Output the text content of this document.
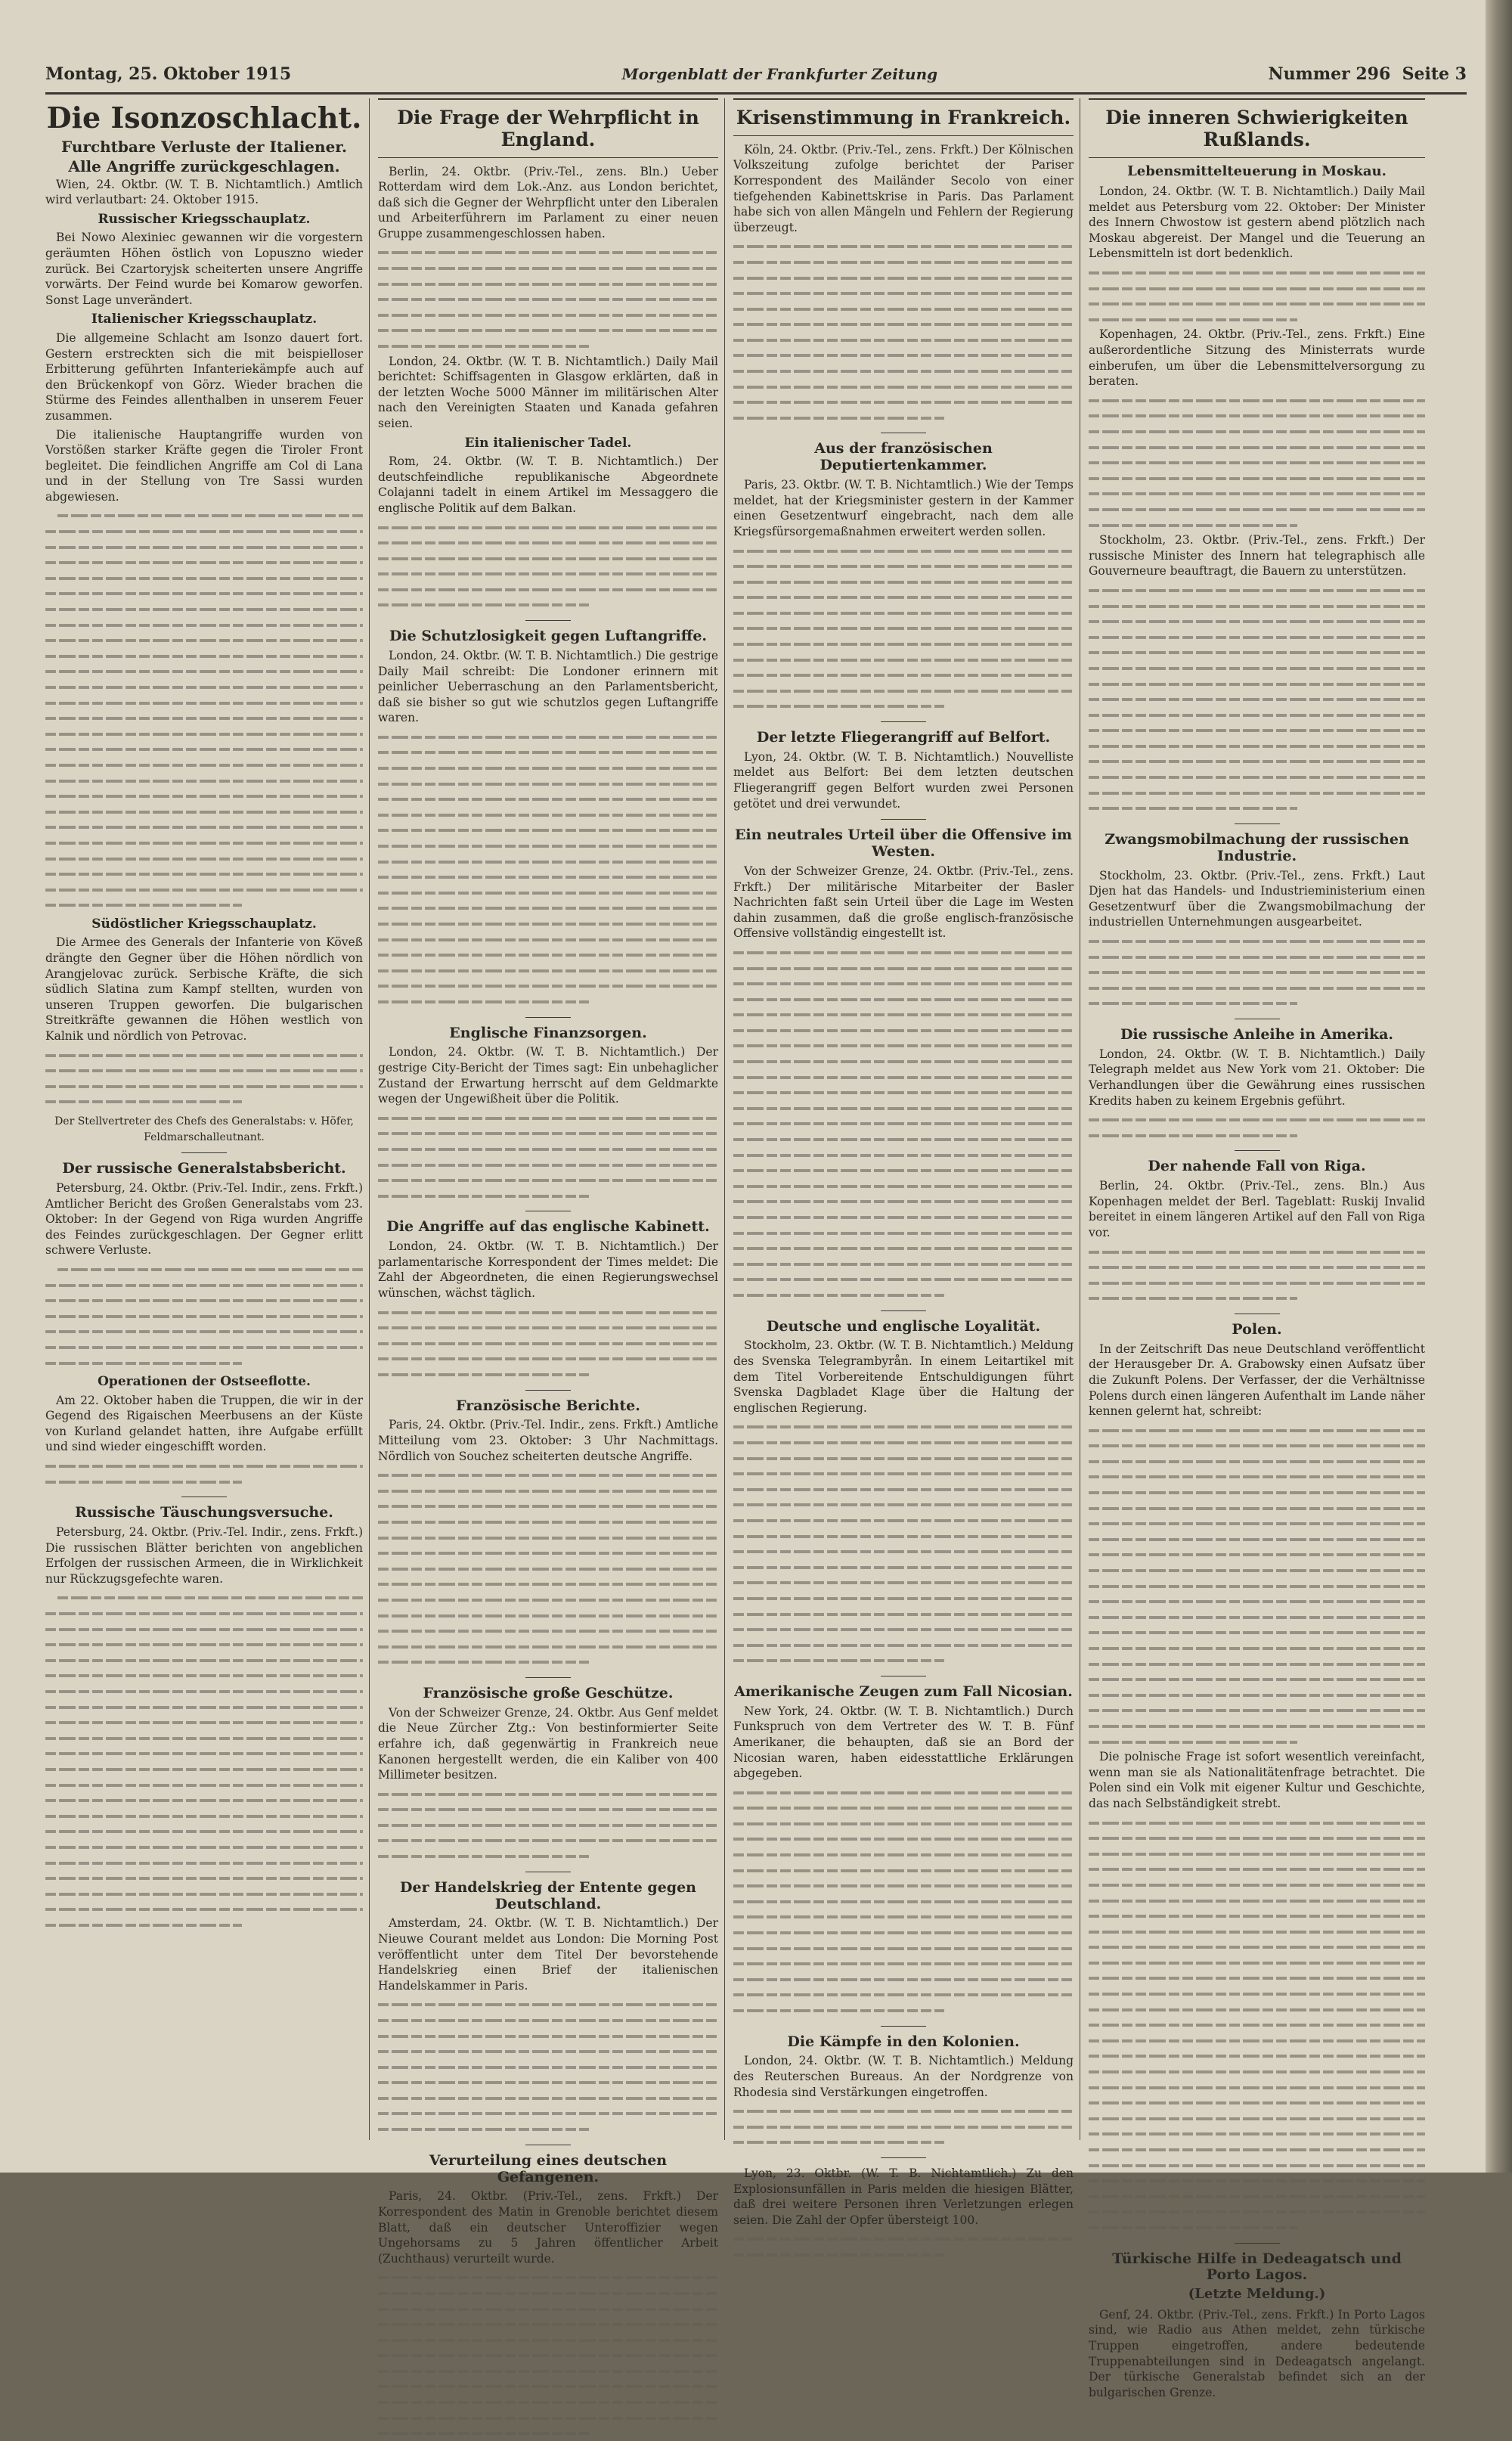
Montag, 25. Oktober 1915	Morgenblatt der Frankfurter Zeitung	Nummer 296 Seite 3
Die Isonzoschlacht.
Furchtbare Verluste der Italiener.
Alle Angriffe zurückgeschlagen.

Wien, 24. Oktbr. (W. T. B. Nichtamtlich.) Amtlich wird verlautbart: 24. Oktober 1915.

Russischer Kriegsschauplatz.

Bei Nowo Alexiniec gewannen wir die vorgestern geräumten Höhen östlich von Lopuszno wieder zurück. Bei Czartoryjsk scheiterten unsere Angriffe vorwärts. Der Feind wurde bei Komarow geworfen. Sonst Lage unverändert.

Italienischer Kriegsschauplatz.

Die allgemeine Schlacht am Isonzo dauert fort. Gestern erstreckten sich die mit beispielloser Erbitterung geführten Infanteriekämpfe auch auf den Brückenkopf von Görz. Wieder brachen die Stürme des Feindes allenthalben in unserem Feuer zusammen.

Die italienische Hauptangriffe wurden von Vorstößen starker Kräfte gegen die Tiroler Front begleitet. Die feindlichen Angriffe am Col di Lana und in der Stellung von Tre Sassi wurden abgewiesen.

Südöstlicher Kriegsschauplatz.

Die Armee des Generals der Infanterie von Köveß drängte den Gegner über die Höhen nördlich von Arangjelovac zurück. Serbische Kräfte, die sich südlich Slatina zum Kampf stellten, wurden von unseren Truppen geworfen. Die bulgarischen Streitkräfte gewannen die Höhen westlich von Kalnik und nördlich von Petrovac.

Der Stellvertreter des Chefs des Generalstabs: v. Höfer, Feldmarschalleutnant.
Der russische Generalstabsbericht.

Petersburg, 24. Oktbr. (Priv.-Tel. Indir., zens. Frkft.) Amtlicher Bericht des Großen Generalstabs vom 23. Oktober: In der Gegend von Riga wurden Angriffe des Feindes zurückgeschlagen. Der Gegner erlitt schwere Verluste.

Operationen der Ostseeflotte.

Am 22. Oktober haben die Truppen, die wir in der Gegend des Rigaischen Meerbusens an der Küste von Kurland gelandet hatten, ihre Aufgabe erfüllt und sind wieder eingeschifft worden.

Russische Täuschungsversuche.

Petersburg, 24. Oktbr. (Priv.-Tel. Indir., zens. Frkft.) Die russischen Blätter berichten von angeblichen Erfolgen der russischen Armeen, die in Wirklichkeit nur Rückzugsgefechte waren.

Die Frage der Wehrpflicht in England.

Berlin, 24. Oktbr. (Priv.-Tel., zens. Bln.) Ueber Rotterdam wird dem Lok.-Anz. aus London berichtet, daß sich die Gegner der Wehrpflicht unter den Liberalen und Arbeiterführern im Parlament zu einer neuen Gruppe zusammengeschlossen haben.

London, 24. Oktbr. (W. T. B. Nichtamtlich.) Daily Mail berichtet: Schiffsagenten in Glasgow erklärten, daß in der letzten Woche 5000 Männer im militärischen Alter nach den Vereinigten Staaten und Kanada gefahren seien.

Ein italienischer Tadel.

Rom, 24. Oktbr. (W. T. B. Nichtamtlich.) Der deutschfeindliche republikanische Abgeordnete Colajanni tadelt in einem Artikel im Messaggero die englische Politik auf dem Balkan.

Die Schutzlosigkeit gegen Luftangriffe.

London, 24. Oktbr. (W. T. B. Nichtamtlich.) Die gestrige Daily Mail schreibt: Die Londoner erinnern mit peinlicher Ueberraschung an den Parlamentsbericht, daß sie bisher so gut wie schutzlos gegen Luftangriffe waren.

Englische Finanzsorgen.

London, 24. Oktbr. (W. T. B. Nichtamtlich.) Der gestrige City-Bericht der Times sagt: Ein unbehaglicher Zustand der Erwartung herrscht auf dem Geldmarkte wegen der Ungewißheit über die Politik.

Die Angriffe auf das englische Kabinett.

London, 24. Oktbr. (W. T. B. Nichtamtlich.) Der parlamentarische Korrespondent der Times meldet: Die Zahl der Abgeordneten, die einen Regierungswechsel wünschen, wächst täglich.

Französische Berichte.

Paris, 24. Oktbr. (Priv.-Tel. Indir., zens. Frkft.) Amtliche Mitteilung vom 23. Oktober: 3 Uhr Nachmittags. Nördlich von Souchez scheiterten deutsche Angriffe.

Französische große Geschütze.

Von der Schweizer Grenze, 24. Oktbr. Aus Genf meldet die Neue Zürcher Ztg.: Von bestinformierter Seite erfahre ich, daß gegenwärtig in Frankreich neue Kanonen hergestellt werden, die ein Kaliber von 400 Millimeter besitzen.

Der Handelskrieg der Entente gegen Deutschland.

Amsterdam, 24. Oktbr. (W. T. B. Nichtamtlich.) Der Nieuwe Courant meldet aus London: Die Morning Post veröffentlicht unter dem Titel Der bevorstehende Handelskrieg einen Brief der italienischen Handelskammer in Paris.

Verurteilung eines deutschen Gefangenen.

Paris, 24. Oktbr. (Priv.-Tel., zens. Frkft.) Der Korrespondent des Matin in Grenoble berichtet diesem Blatt, daß ein deutscher Unteroffizier wegen Ungehorsams zu 5 Jahren öffentlicher Arbeit (Zuchthaus) verurteilt wurde.

Krisenstimmung in Frankreich.

Köln, 24. Oktbr. (Priv.-Tel., zens. Frkft.) Der Kölnischen Volkszeitung zufolge berichtet der Pariser Korrespondent des Mailänder Secolo von einer tiefgehenden Kabinettskrise in Paris. Das Parlament habe sich von allen Mängeln und Fehlern der Regierung überzeugt.

Aus der französischen Deputiertenkammer.

Paris, 23. Oktbr. (W. T. B. Nichtamtlich.) Wie der Temps meldet, hat der Kriegsminister gestern in der Kammer einen Gesetzentwurf eingebracht, nach dem alle Kriegsfürsorgemaßnahmen erweitert werden sollen.

Der letzte Fliegerangriff auf Belfort.

Lyon, 24. Oktbr. (W. T. B. Nichtamtlich.) Nouvelliste meldet aus Belfort: Bei dem letzten deutschen Fliegerangriff gegen Belfort wurden zwei Personen getötet und drei verwundet.

Ein neutrales Urteil über die Offensive im Westen.

Von der Schweizer Grenze, 24. Oktbr. (Priv.-Tel., zens. Frkft.) Der militärische Mitarbeiter der Basler Nachrichten faßt sein Urteil über die Lage im Westen dahin zusammen, daß die große englisch-französische Offensive vollständig eingestellt ist.

Deutsche und englische Loyalität.

Stockholm, 23. Oktbr. (W. T. B. Nichtamtlich.) Meldung des Svenska Telegrambyrån. In einem Leitartikel mit dem Titel Vorbereitende Entschuldigungen führt Svenska Dagbladet Klage über die Haltung der englischen Regierung.

Amerikanische Zeugen zum Fall Nicosian.

New York, 24. Oktbr. (W. T. B. Nichtamtlich.) Durch Funkspruch von dem Vertreter des W. T. B. Fünf Amerikaner, die behaupten, daß sie an Bord der Nicosian waren, haben eidesstattliche Erklärungen abgegeben.

Die Kämpfe in den Kolonien.

London, 24. Oktbr. (W. T. B. Nichtamtlich.) Meldung des Reuterschen Bureaus. An der Nordgrenze von Rhodesia sind Verstärkungen eingetroffen.

Lyon, 23. Oktbr. (W. T. B. Nichtamtlich.) Zu den Explosionsunfällen in Paris melden die hiesigen Blätter, daß drei weitere Personen ihren Verletzungen erlegen seien. Die Zahl der Opfer übersteigt 100.

Die inneren Schwierigkeiten Rußlands.
Lebensmittelteuerung in Moskau.

London, 24. Oktbr. (W. T. B. Nichtamtlich.) Daily Mail meldet aus Petersburg vom 22. Oktober: Der Minister des Innern Chwostow ist gestern abend plötzlich nach Moskau abgereist. Der Mangel und die Teuerung an Lebensmitteln ist dort bedenklich.

Kopenhagen, 24. Oktbr. (Priv.-Tel., zens. Frkft.) Eine außerordentliche Sitzung des Ministerrats wurde einberufen, um über die Lebensmittelversorgung zu beraten.

Stockholm, 23. Oktbr. (Priv.-Tel., zens. Frkft.) Der russische Minister des Innern hat telegraphisch alle Gouverneure beauftragt, die Bauern zu unterstützen.

Zwangsmobilmachung der russischen Industrie.

Stockholm, 23. Oktbr. (Priv.-Tel., zens. Frkft.) Laut Djen hat das Handels- und Industrieministerium einen Gesetzentwurf über die Zwangsmobilmachung der industriellen Unternehmungen ausgearbeitet.

Die russische Anleihe in Amerika.

London, 24. Oktbr. (W. T. B. Nichtamtlich.) Daily Telegraph meldet aus New York vom 21. Oktober: Die Verhandlungen über die Gewährung eines russischen Kredits haben zu keinem Ergebnis geführt.

Der nahende Fall von Riga.

Berlin, 24. Oktbr. (Priv.-Tel., zens. Bln.) Aus Kopenhagen meldet der Berl. Tageblatt: Ruskij Invalid bereitet in einem längeren Artikel auf den Fall von Riga vor.

Polen.

In der Zeitschrift Das neue Deutschland veröffentlicht der Herausgeber Dr. A. Grabowsky einen Aufsatz über die Zukunft Polens. Der Verfasser, der die Verhältnisse Polens durch einen längeren Aufenthalt im Lande näher kennen gelernt hat, schreibt:

Die polnische Frage ist sofort wesentlich vereinfacht, wenn man sie als Nationalitätenfrage betrachtet. Die Polen sind ein Volk mit eigener Kultur und Geschichte, das nach Selbständigkeit strebt.

Türkische Hilfe in Dedeagatsch und Porto Lagos.
(Letzte Meldung.)

Genf, 24. Oktbr. (Priv.-Tel., zens. Frkft.) In Porto Lagos sind, wie Radio aus Athen meldet, zehn türkische Truppen eingetroffen, andere bedeutende Truppenabteilungen sind in Dedeagatsch angelangt. Der türkische Generalstab befindet sich an der bulgarischen Grenze.
